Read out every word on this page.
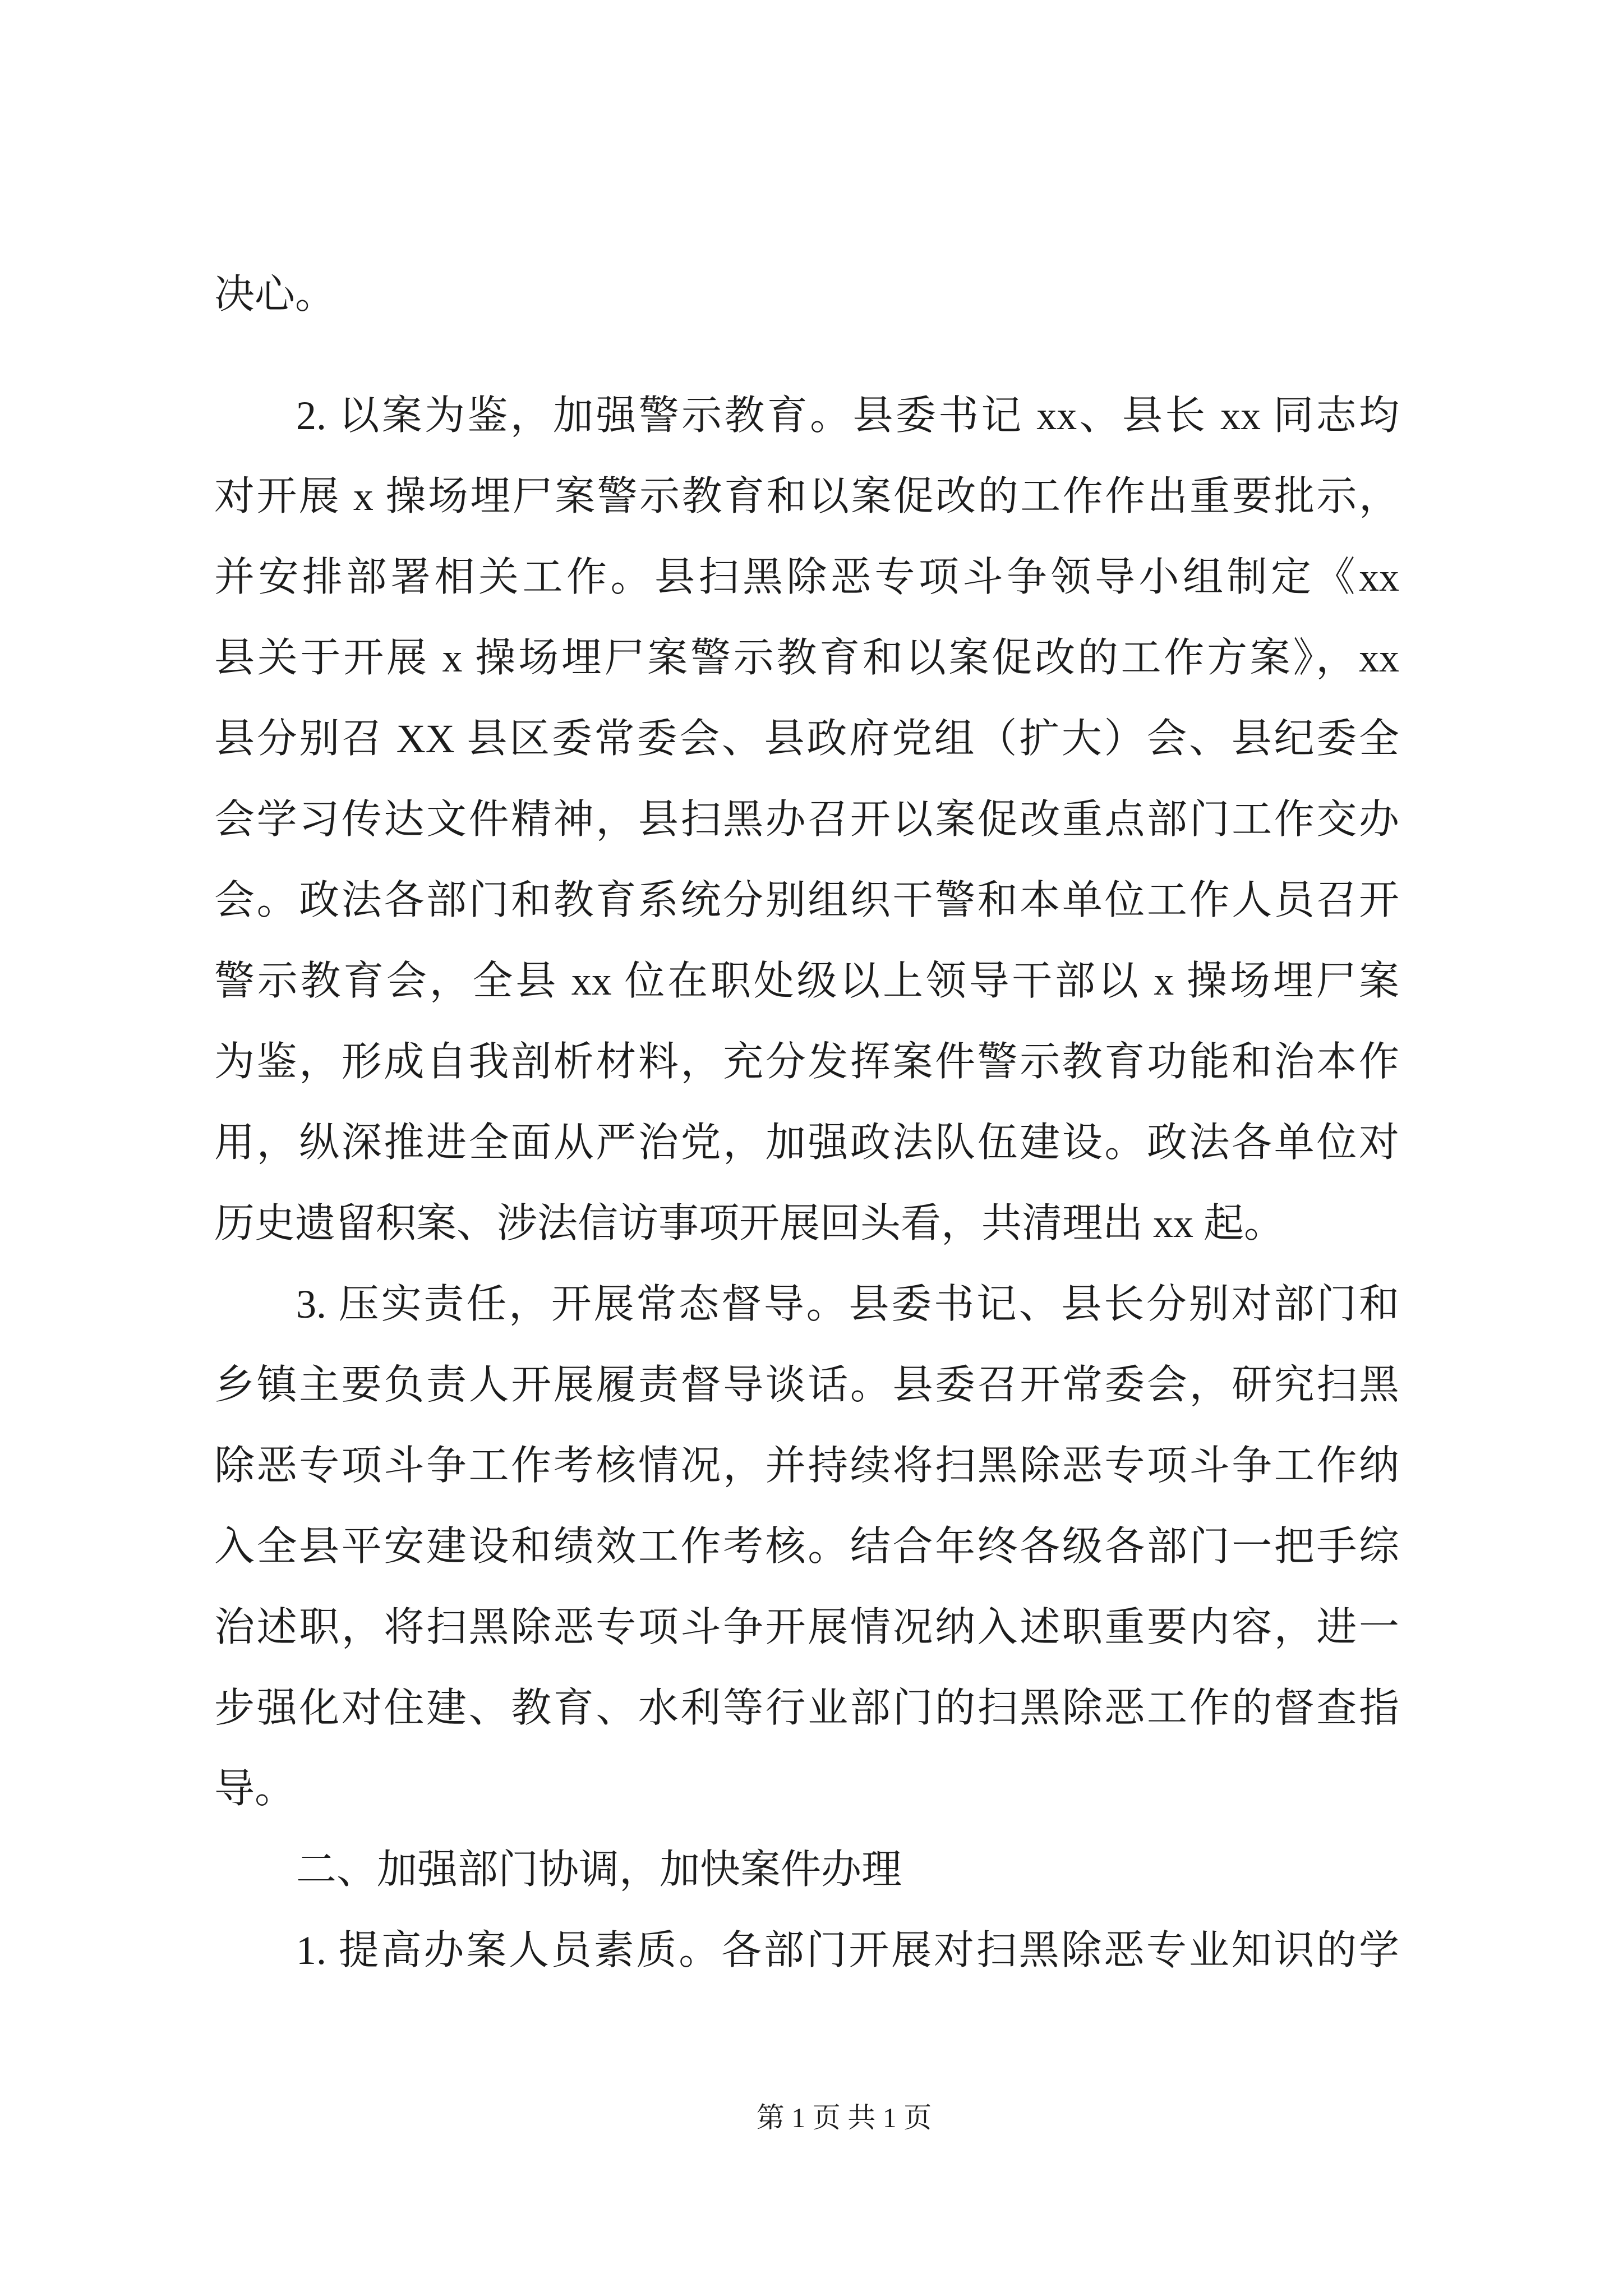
决心。
2. 以案为鉴，加强警示教育。县委书记 xx、县长 xx 同志均
对开展 x 操场埋尸案警示教育和以案促改的工作作出重要批示，
并安排部署相关工作。县扫黑除恶专项斗争领导小组制定《xx
县关于开展 x 操场埋尸案警示教育和以案促改的工作方案》，xx
县分别召 XX 县区委常委会、县政府党组（扩大）会、县纪委全
会学习传达文件精神，县扫黑办召开以案促改重点部门工作交办
会。政法各部门和教育系统分别组织干警和本单位工作人员召开
警示教育会，全县 xx 位在职处级以上领导干部以 x 操场埋尸案
为鉴，形成自我剖析材料，充分发挥案件警示教育功能和治本作
用，纵深推进全面从严治党，加强政法队伍建设。政法各单位对
历史遗留积案、涉法信访事项开展回头看，共清理出 xx 起。
3. 压实责任，开展常态督导。县委书记、县长分别对部门和
乡镇主要负责人开展履责督导谈话。县委召开常委会，研究扫黑
除恶专项斗争工作考核情况，并持续将扫黑除恶专项斗争工作纳
入全县平安建设和绩效工作考核。结合年终各级各部门一把手综
治述职，将扫黑除恶专项斗争开展情况纳入述职重要内容，进一
步强化对住建、教育、水利等行业部门的扫黑除恶工作的督查指
导。
二、加强部门协调，加快案件办理
1. 提高办案人员素质。各部门开展对扫黑除恶专业知识的学
第 1 页 共 1 页
